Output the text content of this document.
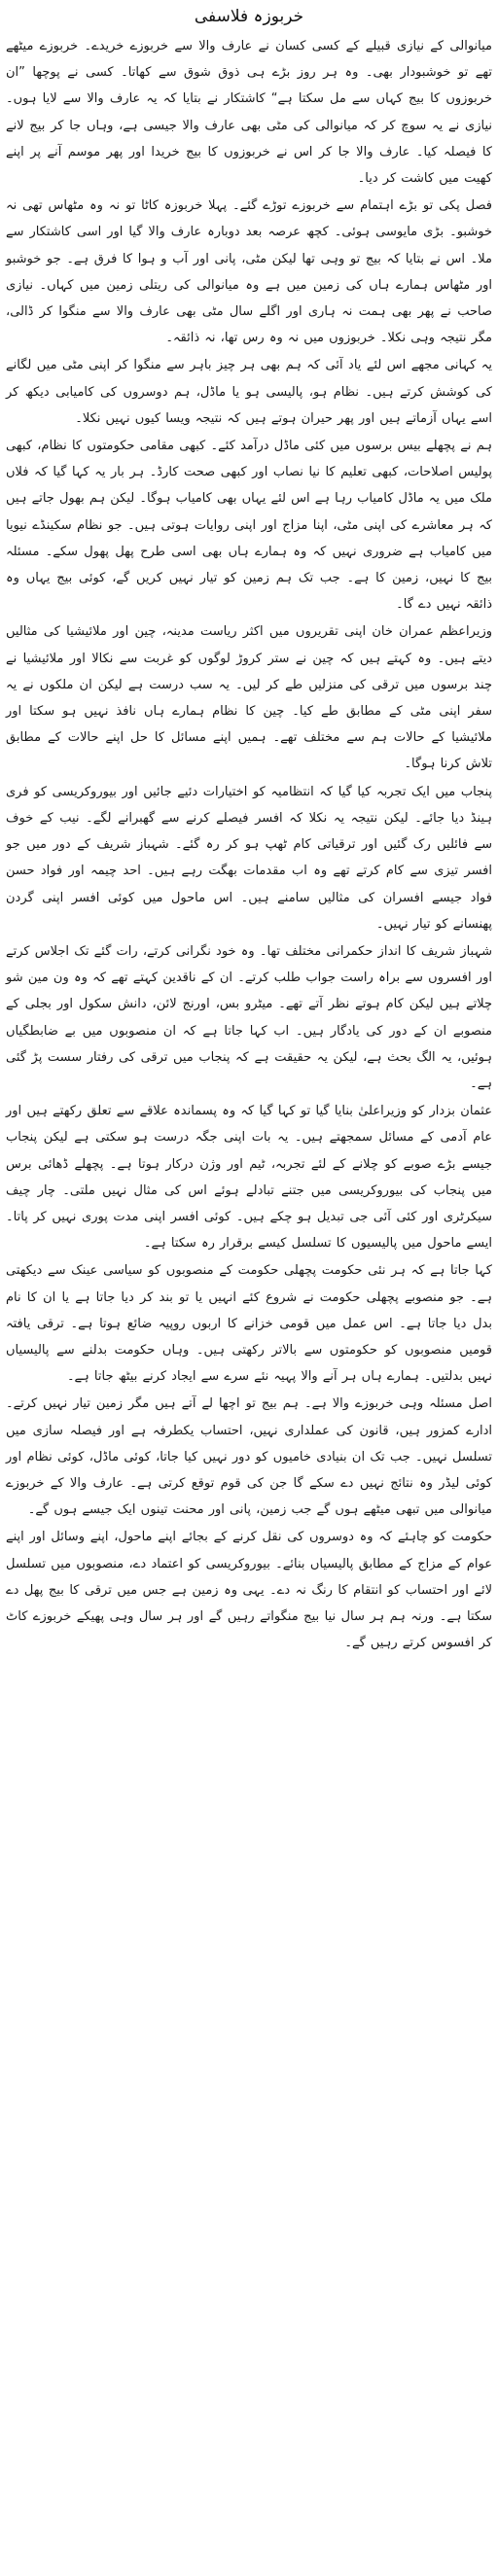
خربوزہ فلاسفی

میانوالی کے نیازی قبیلے کے کسی کسان نے عارف والا سے خربوزے خریدے۔ خربوزے میٹھے تھے تو خوشبودار بھی۔ وہ ہر روز بڑے ہی ذوق شوق سے کھاتا۔ کسی نے پوچھا ”ان خربوزوں کا بیج کہاں سے مل سکتا ہے“ کاشتکار نے بتایا کہ یہ عارف والا سے لایا ہوں۔ نیازی نے یہ سوچ کر کہ میانوالی کی مٹی بھی عارف والا جیسی ہے، وہاں جا کر بیج لانے کا فیصلہ کیا۔ عارف والا جا کر اس نے خربوزوں کا بیج خریدا اور پھر موسم آنے پر اپنے کھیت میں کاشت کر دیا۔

فصل پکی تو بڑے اہتمام سے خربوزے توڑے گئے۔ پہلا خربوزہ کاٹا تو نہ وہ مٹھاس تھی نہ خوشبو۔ بڑی مایوسی ہوئی۔ کچھ عرصہ بعد دوبارہ عارف والا گیا اور اسی کاشتکار سے ملا۔ اس نے بتایا کہ بیج تو وہی تھا لیکن مٹی، پانی اور آب و ہوا کا فرق ہے۔ جو خوشبو اور مٹھاس ہمارے ہاں کی زمین میں ہے وہ میانوالی کی ریتلی زمین میں کہاں۔ نیازی صاحب نے پھر بھی ہمت نہ ہاری اور اگلے سال مٹی بھی عارف والا سے منگوا کر ڈالی، مگر نتیجہ وہی نکلا۔ خربوزوں میں نہ وہ رس تھا، نہ ذائقہ۔

یہ کہانی مجھے اس لئے یاد آئی کہ ہم بھی ہر چیز باہر سے منگوا کر اپنی مٹی میں لگانے کی کوشش کرتے ہیں۔ نظام ہو، پالیسی ہو یا ماڈل، ہم دوسروں کی کامیابی دیکھ کر اسے یہاں آزماتے ہیں اور پھر حیران ہوتے ہیں کہ نتیجہ ویسا کیوں نہیں نکلا۔

ہم نے پچھلے بیس برسوں میں کئی ماڈل درآمد کئے۔ کبھی مقامی حکومتوں کا نظام، کبھی پولیس اصلاحات، کبھی تعلیم کا نیا نصاب اور کبھی صحت کارڈ۔ ہر بار یہ کہا گیا کہ فلاں ملک میں یہ ماڈل کامیاب رہا ہے اس لئے یہاں بھی کامیاب ہوگا۔ لیکن ہم بھول جاتے ہیں کہ ہر معاشرے کی اپنی مٹی، اپنا مزاج اور اپنی روایات ہوتی ہیں۔ جو نظام سکینڈے نیویا میں کامیاب ہے ضروری نہیں کہ وہ ہمارے ہاں بھی اسی طرح پھل پھول سکے۔ مسئلہ بیج کا نہیں، زمین کا ہے۔ جب تک ہم زمین کو تیار نہیں کریں گے، کوئی بیج یہاں وہ ذائقہ نہیں دے گا۔

وزیراعظم عمران خان اپنی تقریروں میں اکثر ریاست مدینہ، چین اور ملائیشیا کی مثالیں دیتے ہیں۔ وہ کہتے ہیں کہ چین نے ستر کروڑ لوگوں کو غربت سے نکالا اور ملائیشیا نے چند برسوں میں ترقی کی منزلیں طے کر لیں۔ یہ سب درست ہے لیکن ان ملکوں نے یہ سفر اپنی مٹی کے مطابق طے کیا۔ چین کا نظام ہمارے ہاں نافذ نہیں ہو سکتا اور ملائیشیا کے حالات ہم سے مختلف تھے۔ ہمیں اپنے مسائل کا حل اپنے حالات کے مطابق تلاش کرنا ہوگا۔

پنجاب میں ایک تجربہ کیا گیا کہ انتظامیہ کو اختیارات دئیے جائیں اور بیوروکریسی کو فری ہینڈ دیا جائے۔ لیکن نتیجہ یہ نکلا کہ افسر فیصلے کرنے سے گھبرانے لگے۔ نیب کے خوف سے فائلیں رک گئیں اور ترقیاتی کام ٹھپ ہو کر رہ گئے۔ شہباز شریف کے دور میں جو افسر تیزی سے کام کرتے تھے وہ اب مقدمات بھگت رہے ہیں۔ احد چیمہ اور فواد حسن فواد جیسے افسران کی مثالیں سامنے ہیں۔ اس ماحول میں کوئی افسر اپنی گردن پھنسانے کو تیار نہیں۔

شہباز شریف کا انداز حکمرانی مختلف تھا۔ وہ خود نگرانی کرتے، رات گئے تک اجلاس کرتے اور افسروں سے براہ راست جواب طلب کرتے۔ ان کے ناقدین کہتے تھے کہ وہ ون مین شو چلاتے ہیں لیکن کام ہوتے نظر آتے تھے۔ میٹرو بس، اورنج لائن، دانش سکول اور بجلی کے منصوبے ان کے دور کی یادگار ہیں۔ اب کہا جاتا ہے کہ ان منصوبوں میں بے ضابطگیاں ہوئیں، یہ الگ بحث ہے، لیکن یہ حقیقت ہے کہ پنجاب میں ترقی کی رفتار سست پڑ گئی ہے۔

عثمان بزدار کو وزیراعلیٰ بنایا گیا تو کہا گیا کہ وہ پسماندہ علاقے سے تعلق رکھتے ہیں اور عام آدمی کے مسائل سمجھتے ہیں۔ یہ بات اپنی جگہ درست ہو سکتی ہے لیکن پنجاب جیسے بڑے صوبے کو چلانے کے لئے تجربہ، ٹیم اور وژن درکار ہوتا ہے۔ پچھلے ڈھائی برس میں پنجاب کی بیوروکریسی میں جتنے تبادلے ہوئے اس کی مثال نہیں ملتی۔ چار چیف سیکرٹری اور کئی آئی جی تبدیل ہو چکے ہیں۔ کوئی افسر اپنی مدت پوری نہیں کر پاتا۔ ایسے ماحول میں پالیسیوں کا تسلسل کیسے برقرار رہ سکتا ہے۔

کہا جاتا ہے کہ ہر نئی حکومت پچھلی حکومت کے منصوبوں کو سیاسی عینک سے دیکھتی ہے۔ جو منصوبے پچھلی حکومت نے شروع کئے انہیں یا تو بند کر دیا جاتا ہے یا ان کا نام بدل دیا جاتا ہے۔ اس عمل میں قومی خزانے کا اربوں روپیہ ضائع ہوتا ہے۔ ترقی یافتہ قومیں منصوبوں کو حکومتوں سے بالاتر رکھتی ہیں۔ وہاں حکومت بدلنے سے پالیسیاں نہیں بدلتیں۔ ہمارے ہاں ہر آنے والا پہیہ نئے سرے سے ایجاد کرنے بیٹھ جاتا ہے۔

اصل مسئلہ وہی خربوزے والا ہے۔ ہم بیج تو اچھا لے آتے ہیں مگر زمین تیار نہیں کرتے۔ ادارے کمزور ہیں، قانون کی عملداری نہیں، احتساب یکطرفہ ہے اور فیصلہ سازی میں تسلسل نہیں۔ جب تک ان بنیادی خامیوں کو دور نہیں کیا جاتا، کوئی ماڈل، کوئی نظام اور کوئی لیڈر وہ نتائج نہیں دے سکے گا جن کی قوم توقع کرتی ہے۔ عارف والا کے خربوزے میانوالی میں تبھی میٹھے ہوں گے جب زمین، پانی اور محنت تینوں ایک جیسے ہوں گے۔

حکومت کو چاہئے کہ وہ دوسروں کی نقل کرنے کے بجائے اپنے ماحول، اپنے وسائل اور اپنے عوام کے مزاج کے مطابق پالیسیاں بنائے۔ بیوروکریسی کو اعتماد دے، منصوبوں میں تسلسل لائے اور احتساب کو انتقام کا رنگ نہ دے۔ یہی وہ زمین ہے جس میں ترقی کا بیج پھل دے سکتا ہے۔ ورنہ ہم ہر سال نیا بیج منگواتے رہیں گے اور ہر سال وہی پھیکے خربوزے کاٹ کر افسوس کرتے رہیں گے۔
